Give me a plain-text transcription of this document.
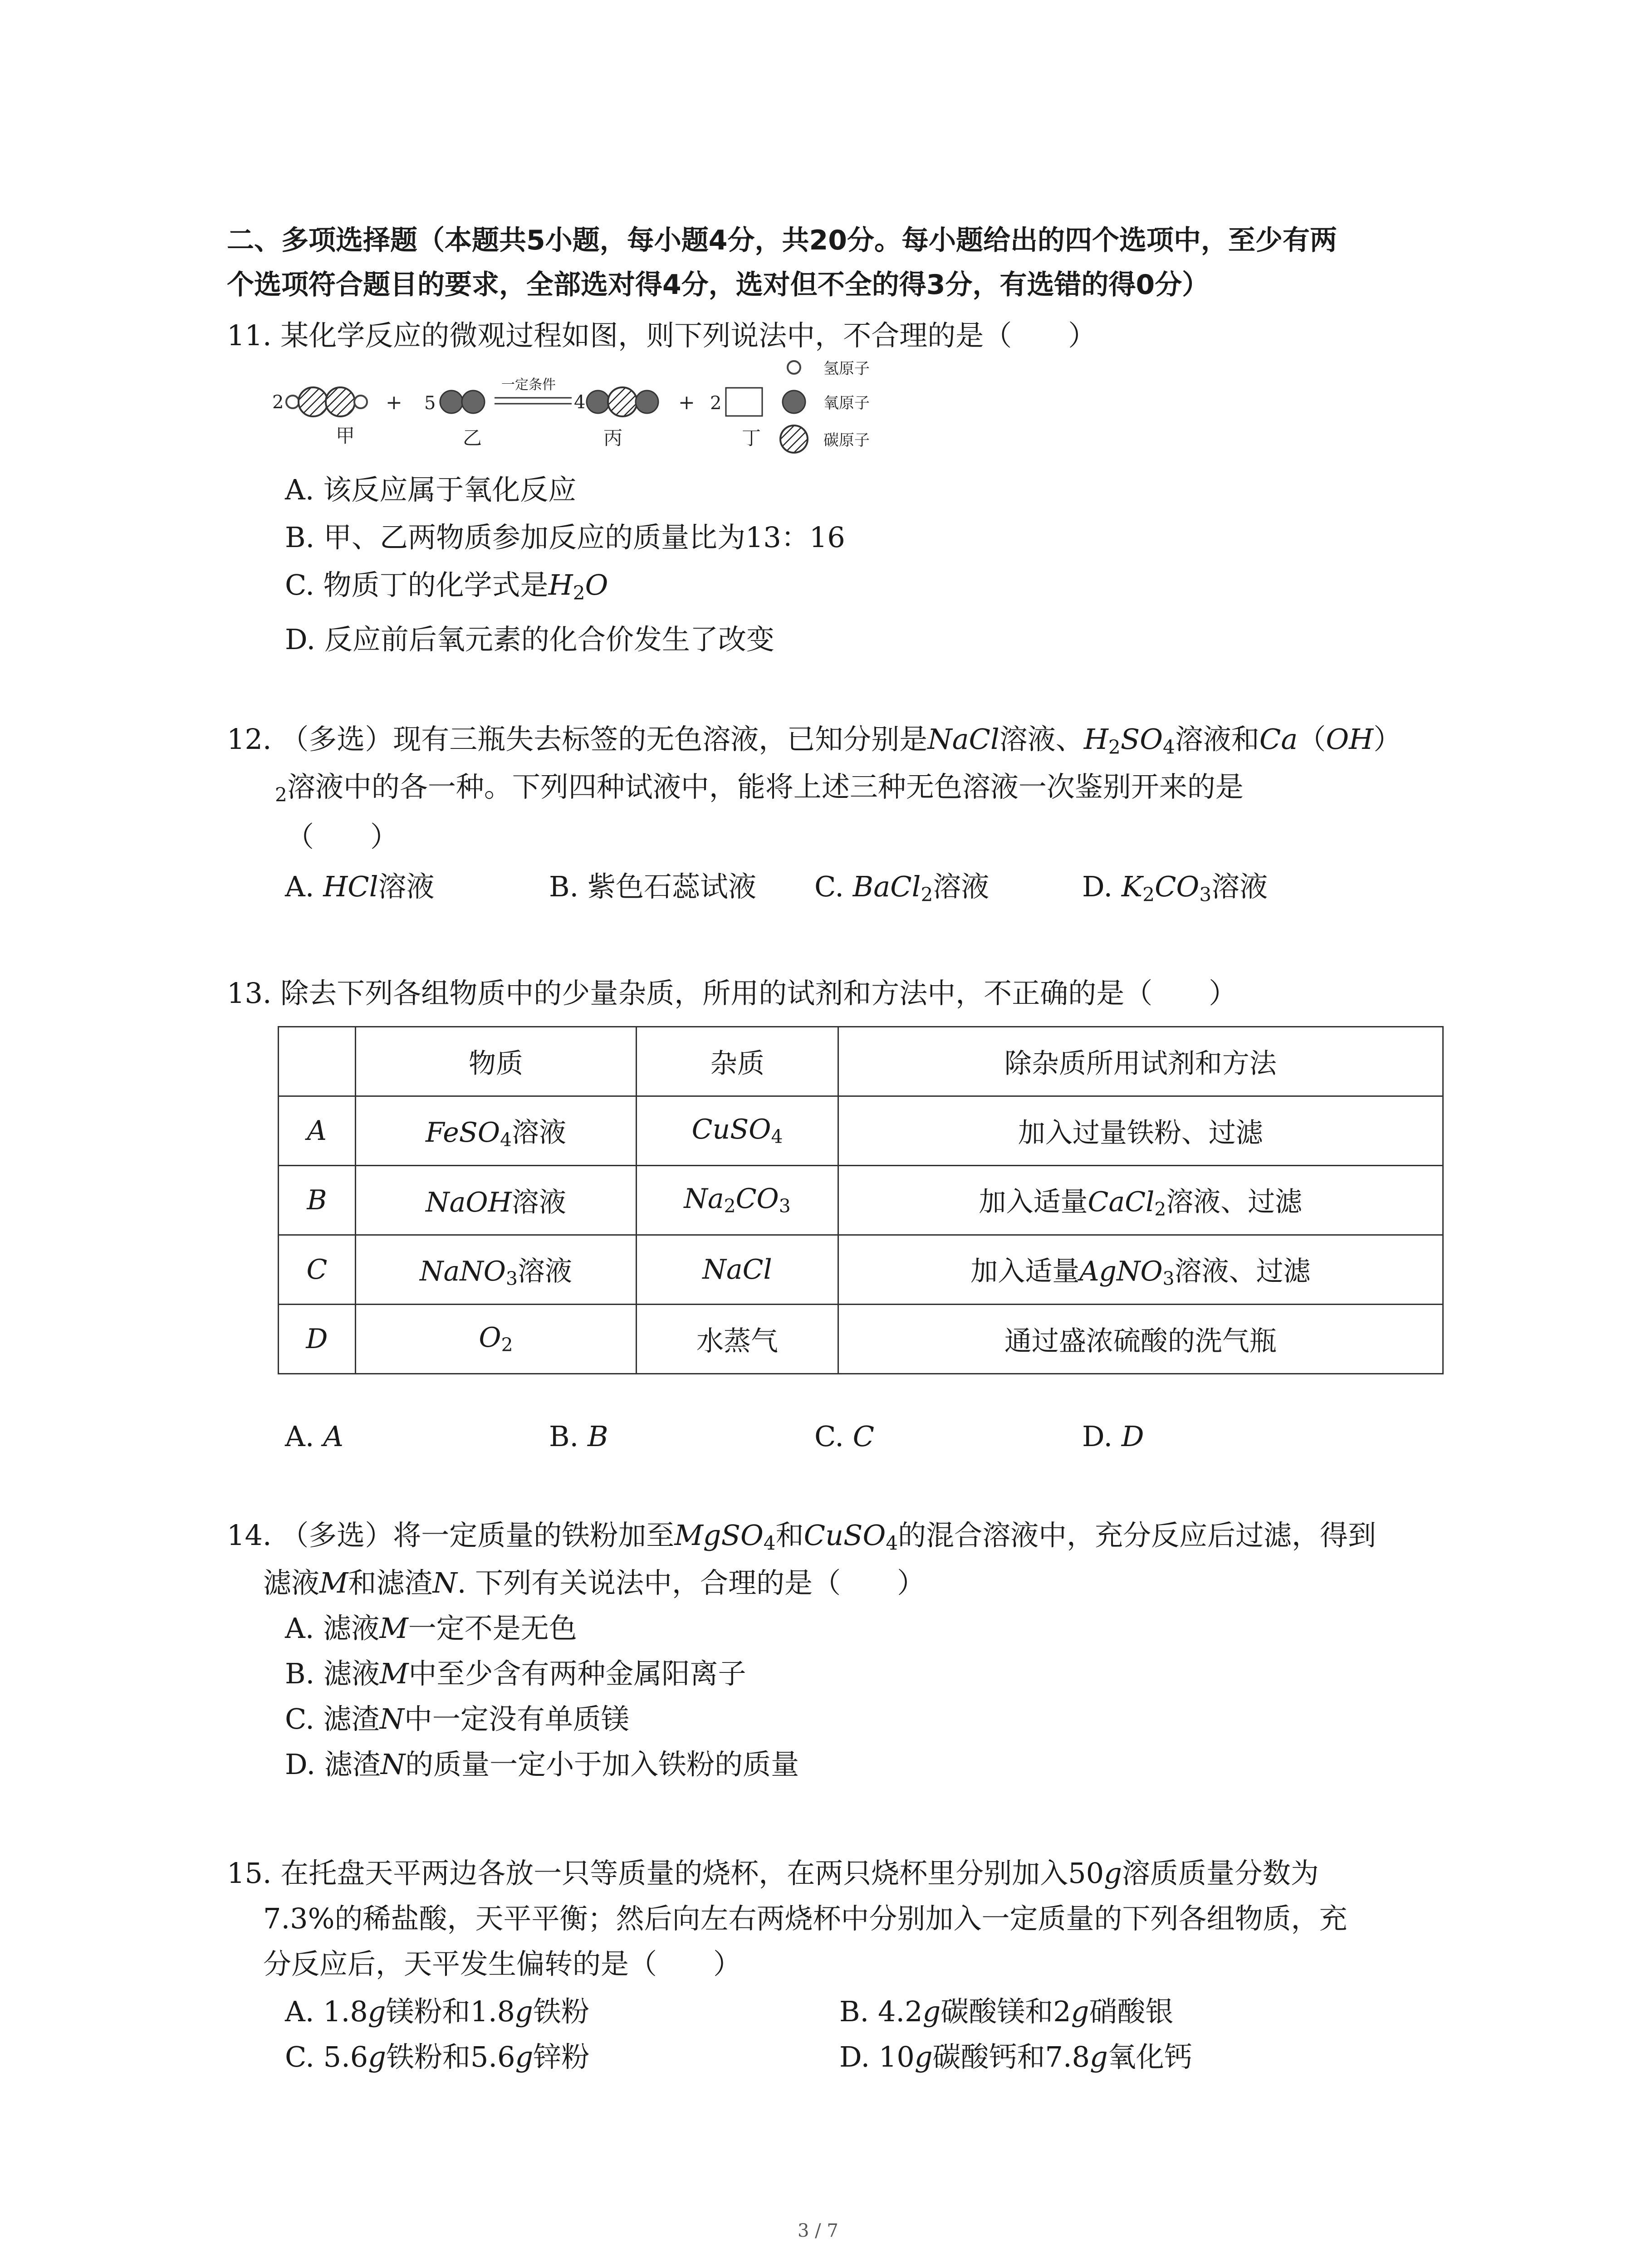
二、多项选择题（本题共5小题，每小题4分，共20分。每小题给出的四个选项中，至少有两
个选项符合题目的要求，全部选对得4分，选对但不全的得3分，有选错的得0分）
11. 某化学反应的微观过程如图，则下列说法中，不合理的是（　　）
2
甲
+ 5
乙
一定条件
4
丙
+ 2
丁
氢原子
氧原子
碳原子
A. 该反应属于氧化反应
B. 甲、乙两物质参加反应的质量比为13：16
C. 物质丁的化学式是$H_2O$
D. 反应前后氧元素的化合价发生了改变
12. （多选）现有三瓶失去标签的无色溶液，已知分别是NaCl溶液、$H_2SO_4$溶液和Ca（OH）
$_2$溶液中的各一种。下列四种试液中，能将上述三种无色溶液一次鉴别开来的是
（　　）
A. HCl溶液	B. 紫色石蕊试液 C. BaCl$_2$溶液	D. $K_2CO_3$溶液
13. 除去下列各组物质中的少量杂质，所用的试剂和方法中，不正确的是（　　）
	物质	杂质	除杂质所用试剂和方法
A	FeSO$_4$溶液	CuSO$_4$	加入过量铁粉、过滤
B	NaOH溶液	$Na_2CO_3$	加入适量CaCl$_2$溶液、过滤
C	NaNO$_3$溶液	NaCl	加入适量AgNO$_3$溶液、过滤
D	$O_2$	水蒸气	通过盛浓硫酸的洗气瓶
A. A	B. B	C. C	D. D
14. （多选）将一定质量的铁粉加至MgSO$_4$和CuSO$_4$的混合溶液中，充分反应后过滤，得到
滤液M和滤渣N. 下列有关说法中，合理的是（　　）
A. 滤液M一定不是无色
B. 滤液M中至少含有两种金属阳离子
C. 滤渣N中一定没有单质镁
D. 滤渣N的质量一定小于加入铁粉的质量
15. 在托盘天平两边各放一只等质量的烧杯，在两只烧杯里分别加入50g溶质质量分数为
7.3%的稀盐酸，天平平衡；然后向左右两烧杯中分别加入一定质量的下列各组物质，充
分反应后，天平发生偏转的是（　　）
A. 1.8g镁粉和1.8g铁粉	B. 4.2g碳酸镁和2g硝酸银
C. 5.6g铁粉和5.6g锌粉	D. 10g碳酸钙和7.8g氧化钙
3 / 7
